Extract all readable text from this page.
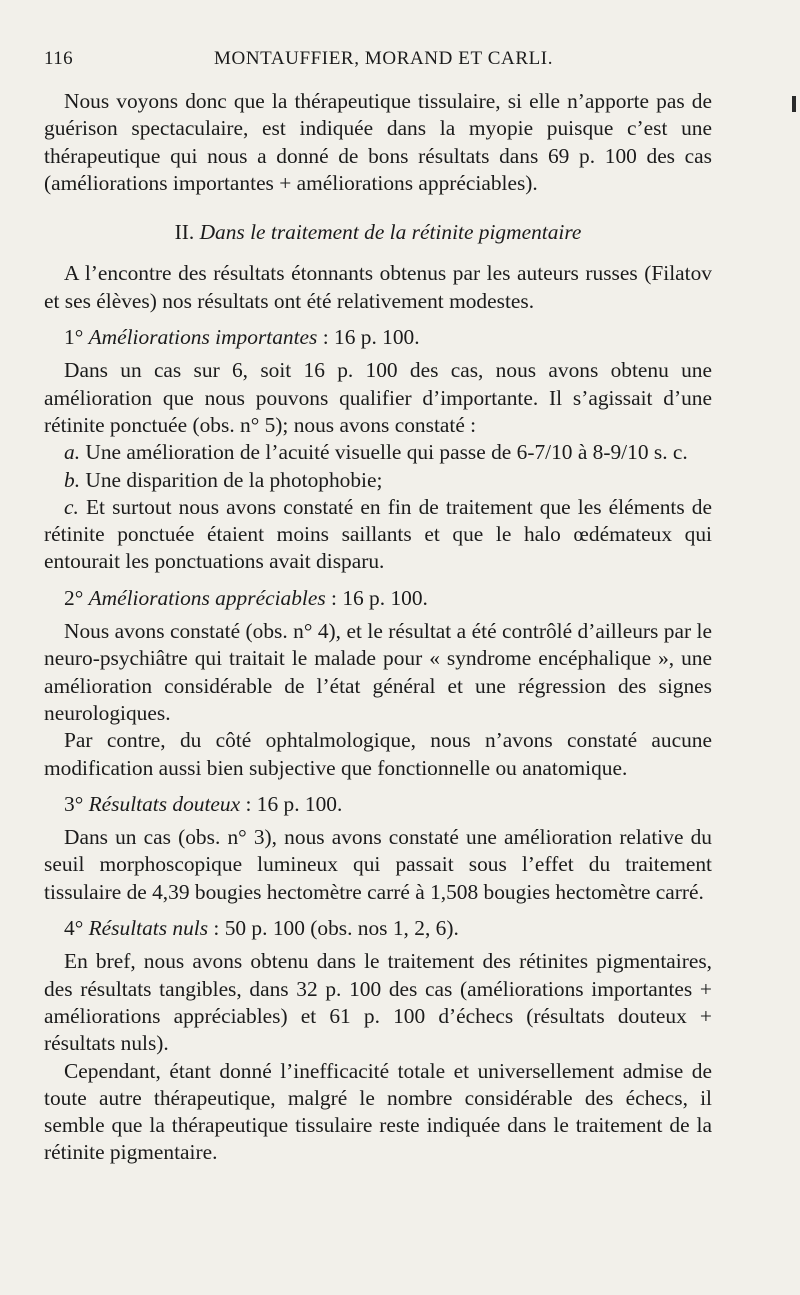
116	MONTAUFFIER, MORAND ET CARLI.

Nous voyons donc que la thérapeutique tissulaire, si elle n’apporte pas de guérison spectaculaire, est indiquée dans la myopie puisque c’est une thérapeutique qui nous a donné de bons résultats dans 69 p. 100 des cas (améliorations importantes + améliorations appréciables).

II. Dans le traitement de la rétinite pigmentaire

A l’encontre des résultats étonnants obtenus par les auteurs russes (Filatov et ses élèves) nos résultats ont été relativement modestes.

1° Améliorations importantes : 16 p. 100.

Dans un cas sur 6, soit 16 p. 100 des cas, nous avons obtenu une amélioration que nous pouvons qualifier d’importante. Il s’agissait d’une rétinite ponctuée (obs. n° 5); nous avons constaté :

a. Une amélioration de l’acuité visuelle qui passe de 6-7/10 à 8-9/10 s. c.

b. Une disparition de la photophobie;

c. Et surtout nous avons constaté en fin de traitement que les éléments de rétinite ponctuée étaient moins saillants et que le halo œdémateux qui entourait les ponctuations avait disparu.

2° Améliorations appréciables : 16 p. 100.

Nous avons constaté (obs. n° 4), et le résultat a été contrôlé d’ailleurs par le neuro-psychiâtre qui traitait le malade pour « syndrome encéphalique », une amélioration considérable de l’état général et une régression des signes neurologiques.

Par contre, du côté ophtalmologique, nous n’avons constaté aucune modification aussi bien subjective que fonctionnelle ou anatomique.

3° Résultats douteux : 16 p. 100.

Dans un cas (obs. n° 3), nous avons constaté une amélioration relative du seuil morphoscopique lumineux qui passait sous l’effet du traitement tissulaire de 4,39 bougies hectomètre carré à 1,508 bougies hectomètre carré.

4° Résultats nuls : 50 p. 100 (obs. nos 1, 2, 6).

En bref, nous avons obtenu dans le traitement des rétinites pigmentaires, des résultats tangibles, dans 32 p. 100 des cas (améliorations importantes + améliorations appréciables) et 61 p. 100 d’échecs (résultats douteux + résultats nuls).

Cependant, étant donné l’inefficacité totale et universellement admise de toute autre thérapeutique, malgré le nombre considérable des échecs, il semble que la thérapeutique tissulaire reste indiquée dans le traitement de la rétinite pigmentaire.
